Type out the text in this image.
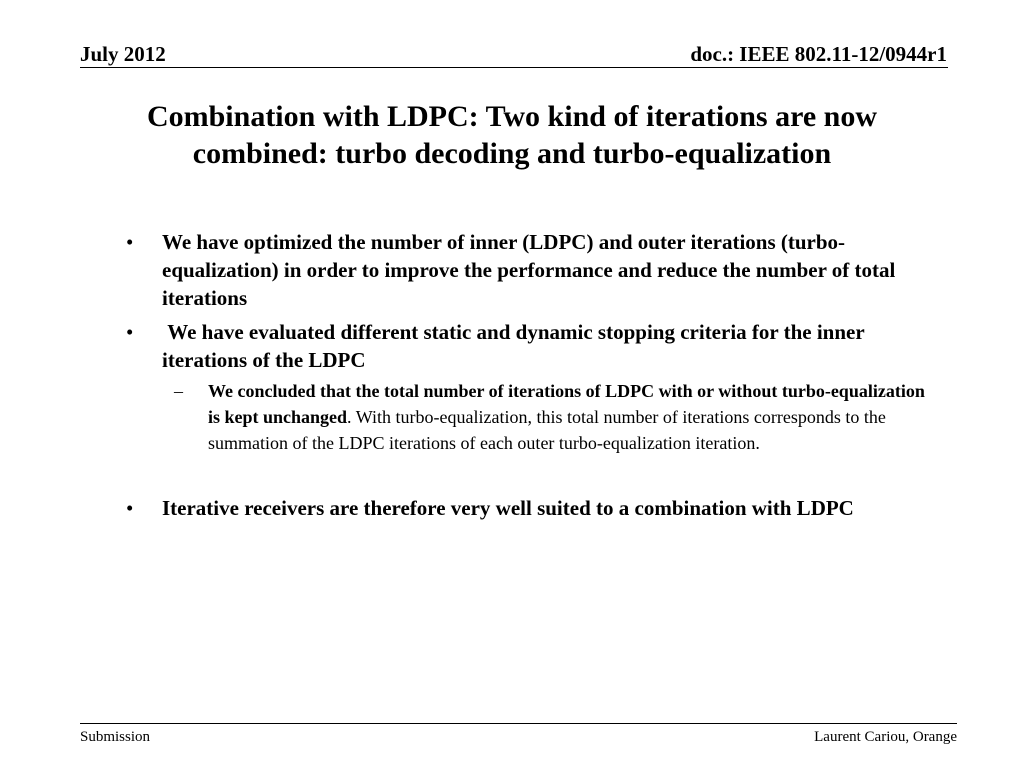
July 2012	doc.: IEEE 802.11-12/0944r1
Combination with LDPC: Two kind of iterations are now
combined: turbo decoding and turbo-equalization
• We have optimized the number of inner (LDPC) and outer iterations (turbo-equalization) in order to improve the performance and reduce the number of total iterations
• We have evaluated different static and dynamic stopping criteria for the inner iterations of the LDPC
– We concluded that the total number of iterations of LDPC with or without turbo-equalization is kept unchanged. With turbo-equalization, this total number of iterations corresponds to the summation of the LDPC iterations of each outer turbo-equalization iteration.
• Iterative receivers are therefore very well suited to a combination with LDPC
Submission	Laurent Cariou, Orange
